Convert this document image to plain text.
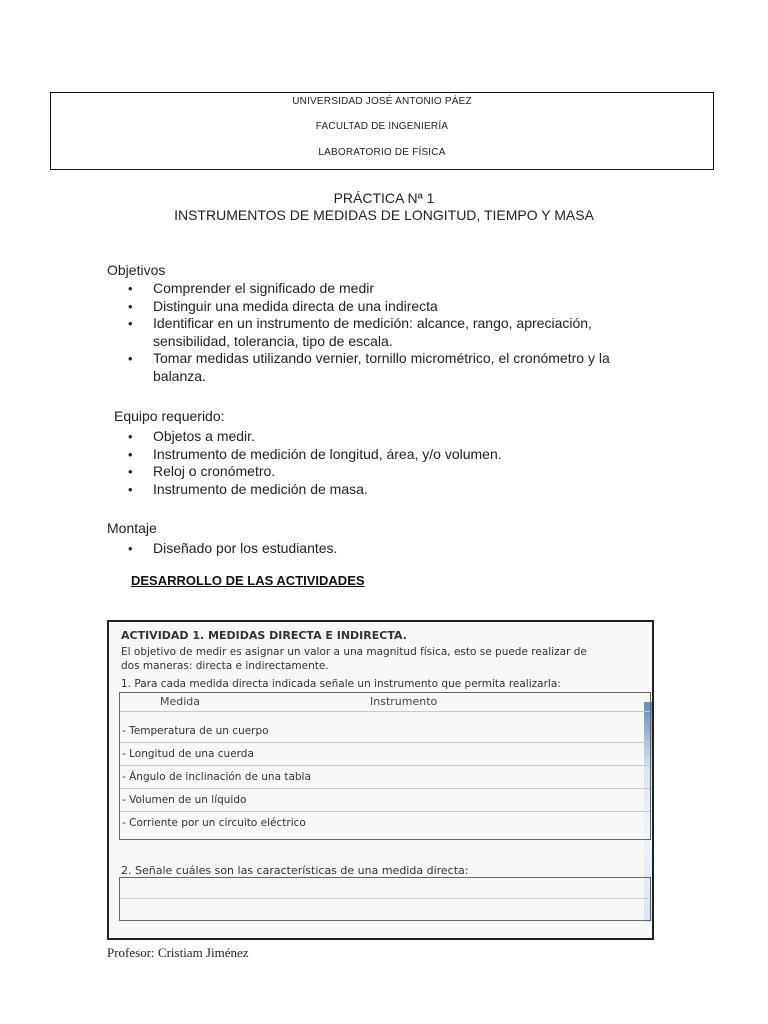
UNIVERSIDAD JOSÉ ANTONIO PÁEZ
FACULTAD DE INGENIERÍA
LABORATORIO DE FÍSICA
PRÁCTICA Nª 1
INSTRUMENTOS DE MEDIDAS DE LONGITUD, TIEMPO Y MASA
Objetivos
• Comprender el significado de medir
• Distinguir una medida directa de una indirecta
• Identificar en un instrumento de medición: alcance, rango, apreciación, sensibilidad, tolerancia, tipo de escala.
• Tomar medidas utilizando vernier, tornillo micrométrico, el cronómetro y la balanza.
Equipo requerido:
• Objetos a medir.
• Instrumento de medición de longitud, área, y/o volumen.
• Reloj o cronómetro.
• Instrumento de medición de masa.
Montaje
• Diseñado por los estudiantes.
DESARROLLO DE LAS ACTIVIDADES
ACTIVIDAD 1. MEDIDAS DIRECTA E INDIRECTA.
El objetivo de medir es asignar un valor a una magnitud física, esto se puede realizar de
dos maneras: directa e indirectamente.
1. Para cada medida directa indicada señale un instrumento que permita realizarla:
Medida	Instrumento
- Temperatura de un cuerpo
- Longitud de una cuerda
- Ángulo de inclinación de una tabla
- Volumen de un líquido
- Corriente por un circuito eléctrico
2. Señale cuáles son las características de una medida directa:
Profesor: Cristiam Jiménez
